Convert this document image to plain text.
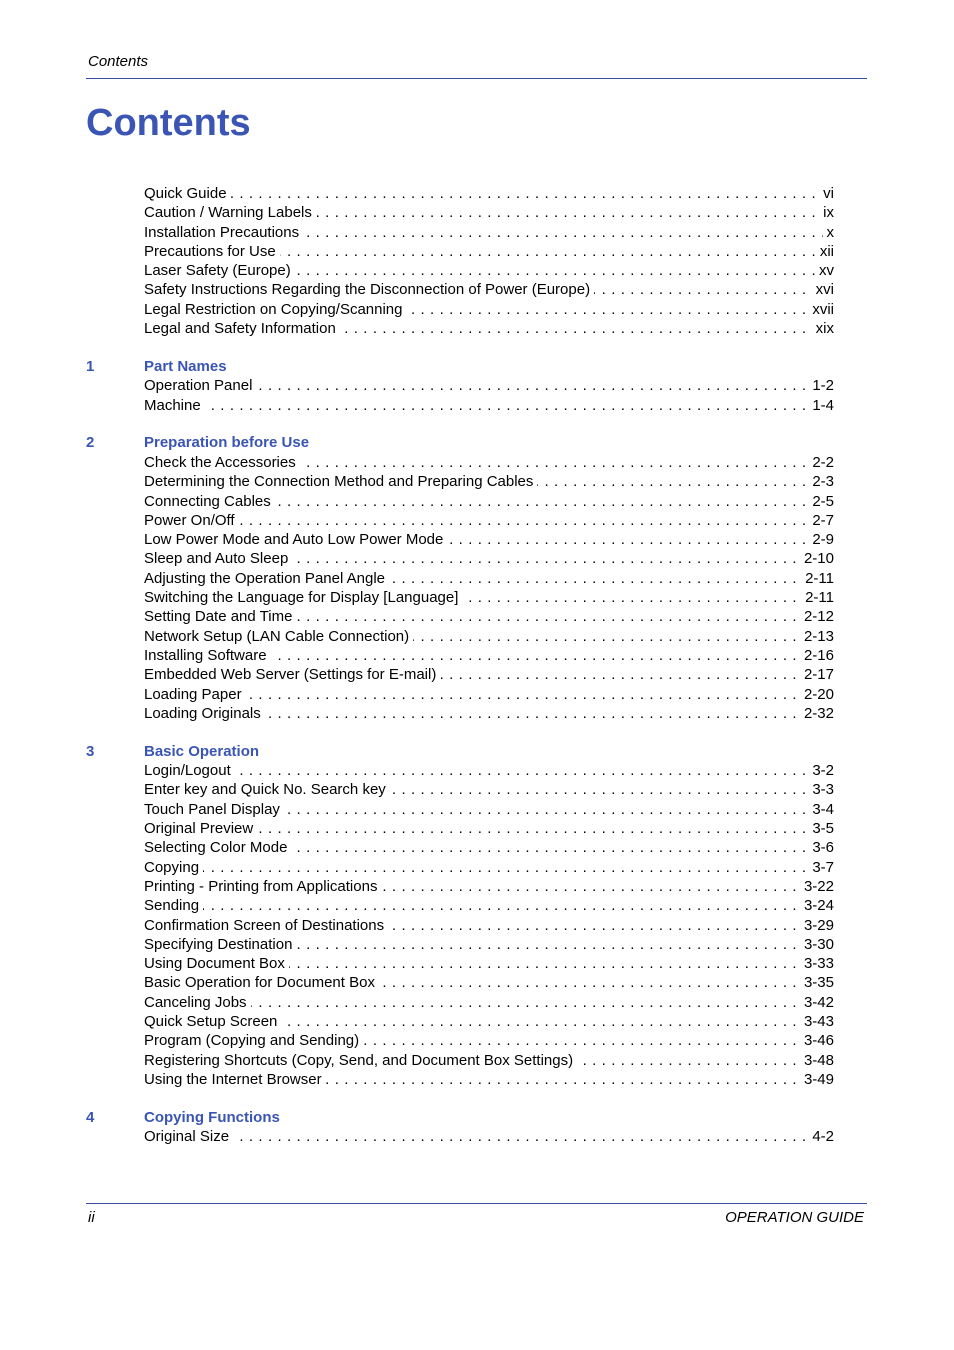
Contents
Contents
. . . Quick Guide	vi
. . . Caution / Warning Labels	ix
. . . Installation Precautions	x
. . . Precautions for Use	xii
. . . Laser Safety (Europe)	xv
. . . Safety Instructions Regarding the Disconnection of Power (Europe)	xvi
. . . Legal Restriction on Copying/Scanning	xvii
. . . Legal and Safety Information	xix
1	Part Names
. . . Operation Panel	1-2
. . . Machine	1-4
2	Preparation before Use
. . . Check the Accessories	2-2
. . . Determining the Connection Method and Preparing Cables	2-3
. . . Connecting Cables	2-5
. . . Power On/Off	2-7
. . . Low Power Mode and Auto Low Power Mode	2-9
. . . Sleep and Auto Sleep	2-10
. . . Adjusting the Operation Panel Angle	2-11
. . . Switching the Language for Display [Language]	2-11
. . . Setting Date and Time	2-12
. . . Network Setup (LAN Cable Connection)	2-13
. . . Installing Software	2-16
. . . Embedded Web Server (Settings for E-mail)	2-17
. . . Loading Paper	2-20
. . . Loading Originals	2-32
3	Basic Operation
. . . Login/Logout	3-2
. . . Enter key and Quick No. Search key	3-3
. . . Touch Panel Display	3-4
. . . Original Preview	3-5
. . . Selecting Color Mode	3-6
. . . Copying	3-7
. . . Printing - Printing from Applications	3-22
. . . Sending	3-24
. . . Confirmation Screen of Destinations	3-29
. . . Specifying Destination	3-30
. . . Using Document Box	3-33
. . . Basic Operation for Document Box	3-35
. . . Canceling Jobs	3-42
. . . Quick Setup Screen	3-43
. . . Program (Copying and Sending)	3-46
. . . Registering Shortcuts (Copy, Send, and Document Box Settings)	3-48
. . . Using the Internet Browser	3-49
4	Copying Functions
. . . Original Size	4-2
ii	OPERATION GUIDE
